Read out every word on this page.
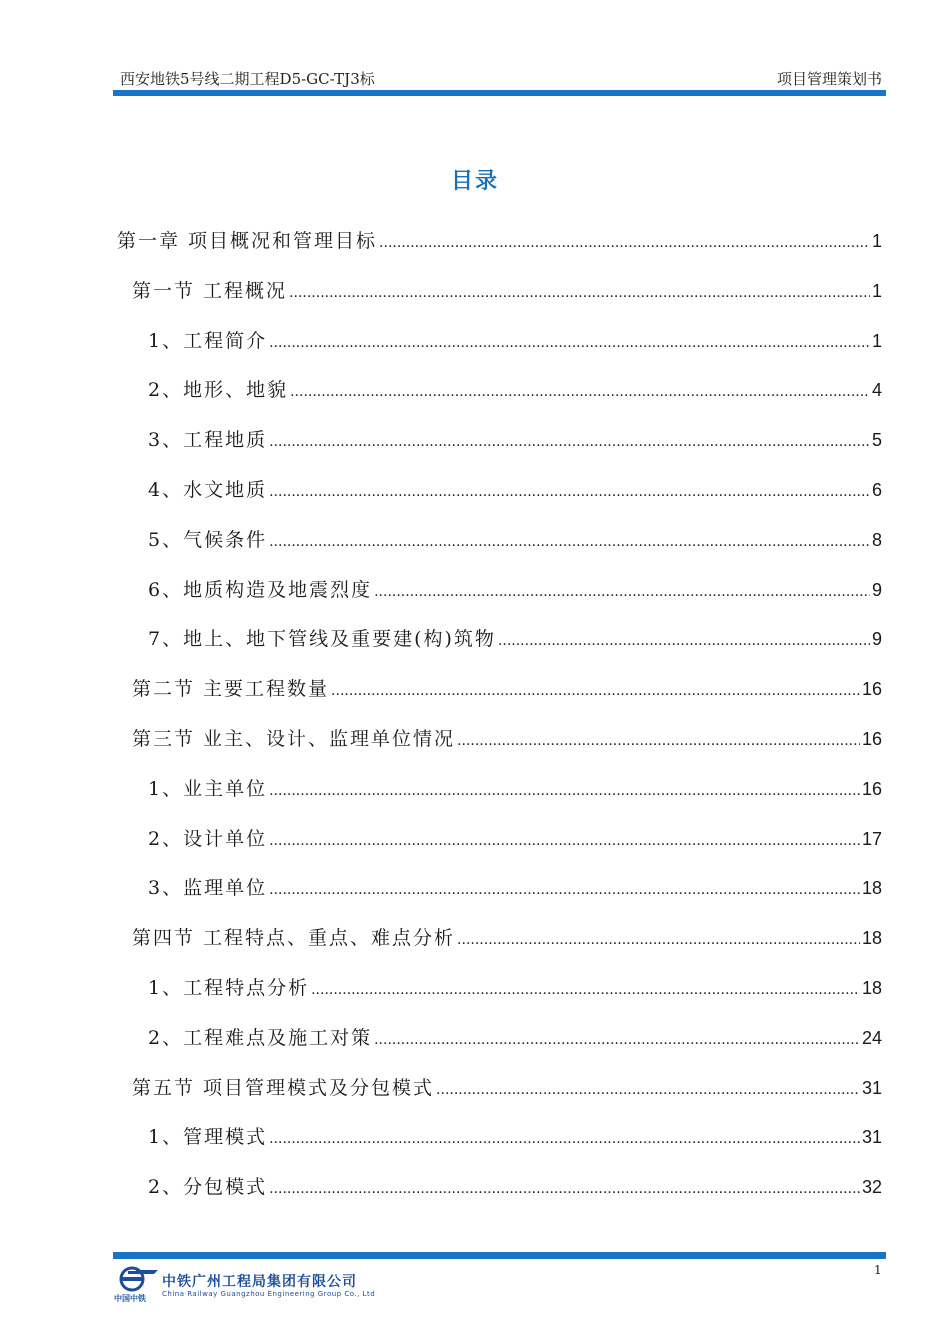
西安地铁5号线二期工程D5-GC-TJ3标	项目管理策划书
目录
第一章 项目概况和管理目标 .....	1
第一节 工程概况 .....	1
1、工程简介 .....	1
2、地形、地貌 .....	4
3、工程地质 .....	5
4、水文地质 .....	6
5、气候条件 .....	8
6、地质构造及地震烈度 .....	9
7、地上、地下管线及重要建(构)筑物 .....	9
第二节 主要工程数量 .....	16
第三节 业主、设计、监理单位情况 .....	16
1、业主单位 .....	16
2、设计单位 .....	17
3、监理单位 .....	18
第四节 工程特点、重点、难点分析 .....	18
1、工程特点分析 .....	18
2、工程难点及施工对策 .....	24
第五节 项目管理模式及分包模式 .....	31
1、管理模式 .....	31
2、分包模式 .....	32
1
中国中铁
中铁广州工程局集团有限公司
China Railway Guangzhou Engineering Group Co., Ltd
